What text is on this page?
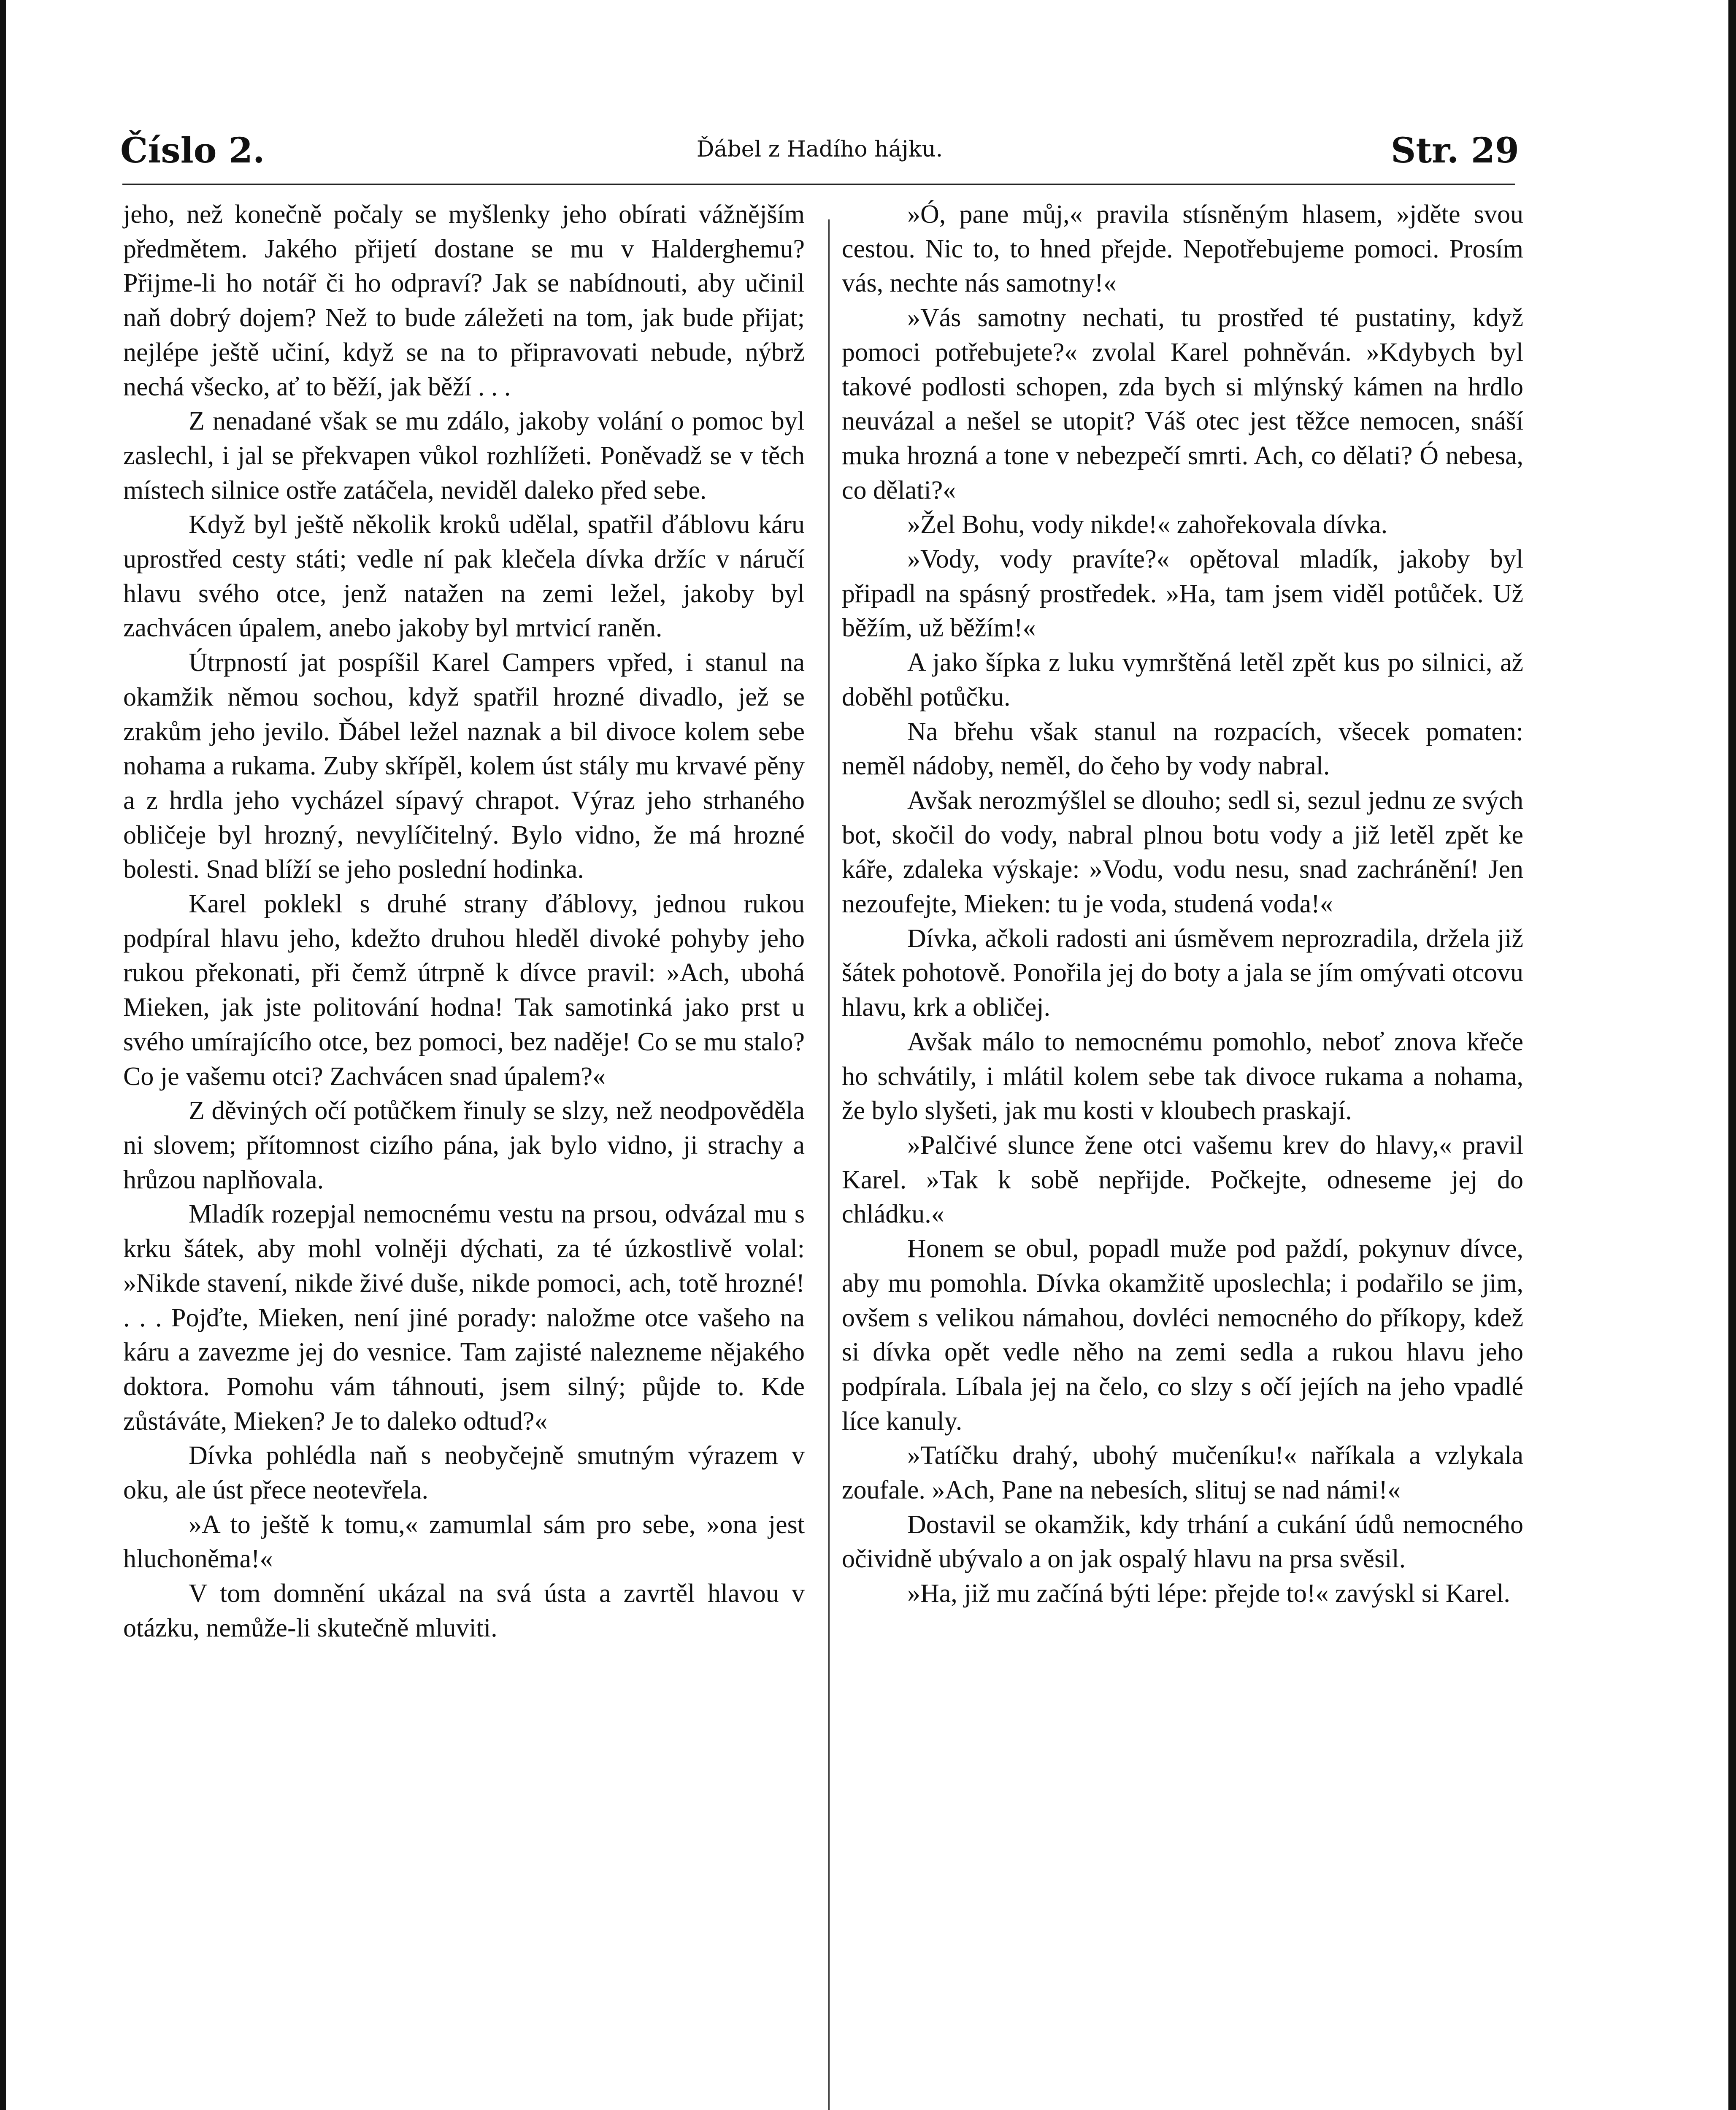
Číslo 2.	Ďábel z Hadího hájku.	Str. 29

jeho, než konečně počaly se myšlenky jeho obírati vážnějším předmětem. Jakého přijetí dostane se mu v Halderghemu? Přijme-li ho notář či ho odpraví? Jak se nabídnouti, aby učinil naň dobrý dojem? Než to bude záležeti na tom, jak bude přijat; nejlépe ještě učiní, když se na to připravovati nebude, nýbrž nechá všecko, ať to běží, jak běží . . .

Z nenadané však se mu zdálo, jakoby volání o pomoc byl zaslechl, i jal se překvapen vůkol rozhlížeti. Poněvadž se v těch místech silnice ostře zatáčela, neviděl daleko před sebe.

Když byl ještě několik kroků udělal, spatřil ďáblovu káru uprostřed cesty státi; vedle ní pak klečela dívka držíc v náručí hlavu svého otce, jenž natažen na zemi ležel, jakoby byl zachvácen úpalem, anebo jakoby byl mrtvicí raněn.

Útrpností jat pospíšil Karel Campers vpřed, i stanul na okamžik němou sochou, když spatřil hrozné divadlo, jež se zrakům jeho jevilo. Ďábel ležel naznak a bil divoce kolem sebe nohama a rukama. Zuby skřípěl, kolem úst stály mu krvavé pěny a z hrdla jeho vycházel sípavý chrapot. Výraz jeho strhaného obličeje byl hrozný, nevylíčitelný. Bylo vidno, že má hrozné bolesti. Snad blíží se jeho poslední hodinka.

Karel poklekl s druhé strany ďáblovy, jednou rukou podpíral hlavu jeho, kdežto druhou hleděl divoké pohyby jeho rukou překonati, při čemž útrpně k dívce pravil: »Ach, ubohá Mieken, jak jste politování hodna! Tak samotinká jako prst u svého umírajícího otce, bez pomoci, bez naděje! Co se mu stalo? Co je vašemu otci? Zachvácen snad úpalem?«

Z děviných očí potůčkem řinuly se slzy, než neodpověděla ni slovem; přítomnost cizího pána, jak bylo vidno, ji strachy a hrůzou naplňovala.

Mladík rozepjal nemocnému vestu na prsou, odvázal mu s krku šátek, aby mohl volněji dýchati, za té úzkostlivě volal: »Nikde stavení, nikde živé duše, nikde pomoci, ach, totě hrozné! . . . Pojďte, Mieken, není jiné porady: naložme otce vašeho na káru a zavezme jej do vesnice. Tam zajisté nalezneme nějakého doktora. Pomohu vám táhnouti, jsem silný; půjde to. Kde zůstáváte, Mieken? Je to daleko odtud?«

Dívka pohlédla naň s neobyčejně smutným výrazem v oku, ale úst přece neotevřela.

»A to ještě k tomu,« zamumlal sám pro sebe, »ona jest hluchoněma!«

V tom domnění ukázal na svá ústa a zavrtěl hlavou v otázku, nemůže-li skutečně mluviti.

»Ó, pane můj,« pravila stísněným hlasem, »jděte svou cestou. Nic to, to hned přejde. Nepotřebujeme pomoci. Prosím vás, nechte nás samotny!«

»Vás samotny nechati, tu prostřed té pustatiny, když pomoci potřebujete?« zvolal Karel pohněván. »Kdybych byl takové podlosti schopen, zda bych si mlýnský kámen na hrdlo neuvázal a nešel se utopit? Váš otec jest těžce nemocen, snáší muka hrozná a tone v nebezpečí smrti. Ach, co dělati? Ó nebesa, co dělati?«

»Žel Bohu, vody nikde!« zahořekovala dívka.

»Vody, vody pravíte?« opětoval mladík, jakoby byl připadl na spásný prostředek. »Ha, tam jsem viděl potůček. Už běžím, už běžím!«

A jako šípka z luku vymrštěná letěl zpět kus po silnici, až doběhl potůčku.

Na břehu však stanul na rozpacích, všecek pomaten: neměl nádoby, neměl, do čeho by vody nabral.

Avšak nerozmýšlel se dlouho; sedl si, sezul jednu ze svých bot, skočil do vody, nabral plnou botu vody a již letěl zpět ke káře, zdaleka výskaje: »Vodu, vodu nesu, snad zachránění! Jen nezoufejte, Mieken: tu je voda, studená voda!«

Dívka, ačkoli radosti ani úsměvem neprozradila, držela již šátek pohotově. Ponořila jej do boty a jala se jím omývati otcovu hlavu, krk a obličej.

Avšak málo to nemocnému pomohlo, neboť znova křeče ho schvátily, i mlátil kolem sebe tak divoce rukama a nohama, že bylo slyšeti, jak mu kosti v kloubech praskají.

»Palčivé slunce žene otci vašemu krev do hlavy,« pravil Karel. »Tak k sobě nepřijde. Počkejte, odneseme jej do chládku.«

Honem se obul, popadl muže pod paždí, pokynuv dívce, aby mu pomohla. Dívka okamžitě uposlechla; i podařilo se jim, ovšem s velikou námahou, dovléci nemocného do příkopy, kdež si dívka opět vedle něho na zemi sedla a rukou hlavu jeho podpírala. Líbala jej na čelo, co slzy s očí jejích na jeho vpadlé líce kanuly.

»Tatíčku drahý, ubohý mučeníku!« naříkala a vzlykala zoufale. »Ach, Pane na nebesích, slituj se nad námi!«

Dostavil se okamžik, kdy trhání a cukání údů nemocného očividně ubývalo a on jak ospalý hlavu na prsa svěsil.

»Ha, již mu začíná býti lépe: přejde to!« zavýskl si Karel.
